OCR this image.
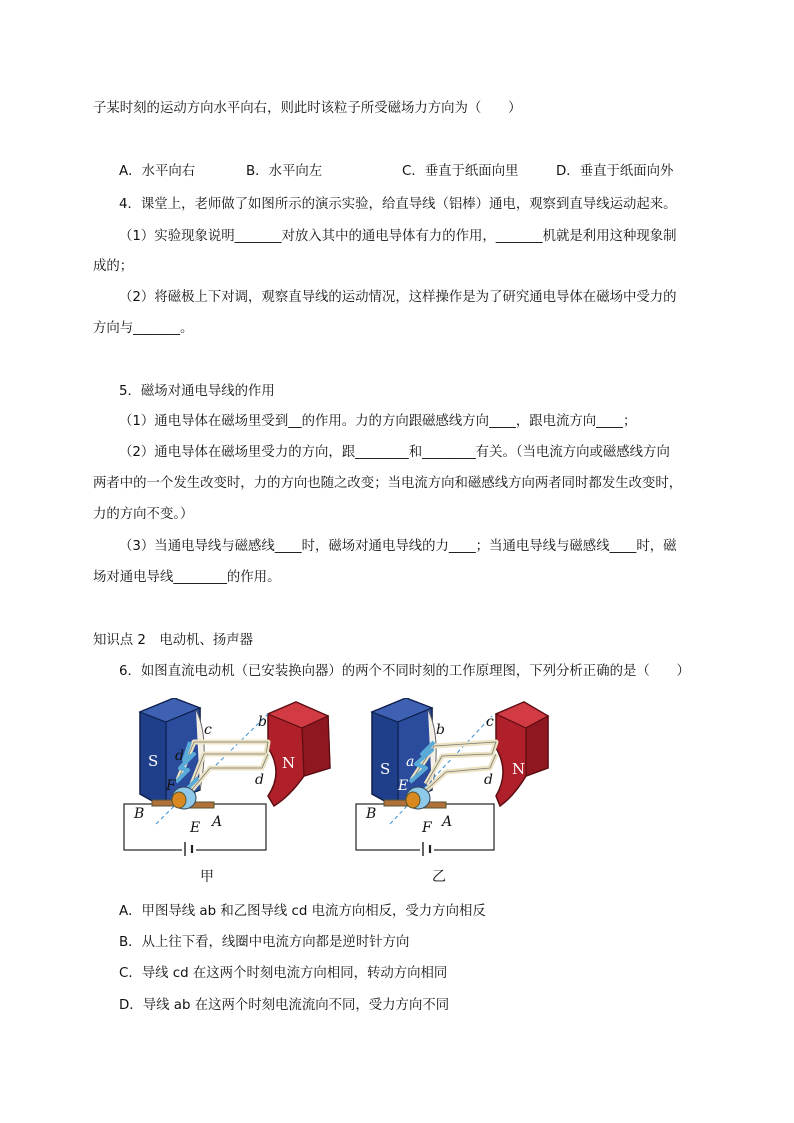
子某时刻的运动方向水平向右，则此时该粒子所受磁场力方向为（　　）
A．水平向右	B．水平向左	C．垂直于纸面向里	D．垂直于纸面向外
4．课堂上，老师做了如图所示的演示实验，给直导线（铝棒）通电，观察到直导线运动起来。
（1）实验现象说明_______对放入其中的通电导体有力的作用，_______机就是利用这种现象制
成的；
（2）将磁极上下对调，观察直导线的运动情况，这样操作是为了研究通电导体在磁场中受力的
方向与_______。
5．磁场对通电导线的作用
（1）通电导体在磁场里受到__的作用。力的方向跟磁感线方向____，跟电流方向____；
（2）通电导体在磁场里受力的方向，跟________和________有关。（当电流方向或磁感线方向
两者中的一个发生改变时，力的方向也随之改变；当电流方向和磁感线方向两者同时都发生改变时，
力的方向不变。）
（3）当通电导线与磁感线____时，磁场对通电导线的力____；当通电导线与磁感线____时，磁
场对通电导线________的作用。
知识点 2　电动机、扬声器
6．如图直流电动机（已安装换向器）的两个不同时刻的工作原理图，下列分析正确的是（　　）
S	N
d
c	b
d
F
B
E A
甲
S	N
a
b	c
d
E
B
F A
乙
A．甲图导线 ab 和乙图导线 cd 电流方向相反，受力方向相反
B．从上往下看，线圈中电流方向都是逆时针方向
C．导线 cd 在这两个时刻电流方向相同，转动方向相同
D．导线 ab 在这两个时刻电流流向不同，受力方向不同
